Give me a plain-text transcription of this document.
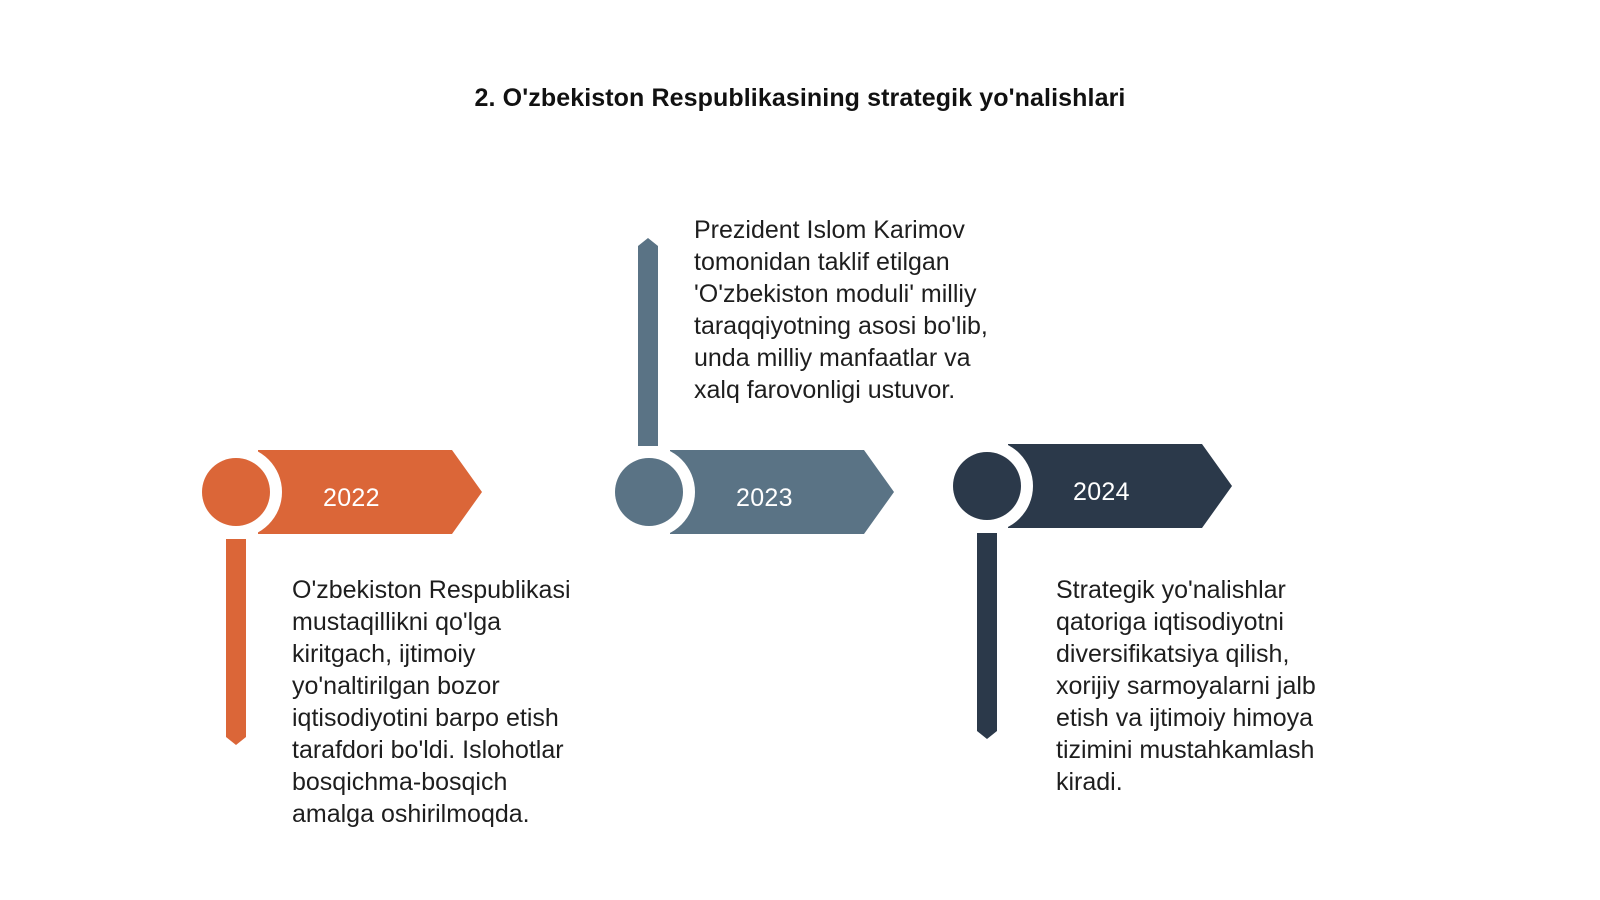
2. O'zbekiston Respublikasining strategik yo'nalishlari
2022	2023	2024
O'zbekiston Respublikasi
mustaqillikni qo'lga
kiritgach, ijtimoiy
yo'naltirilgan bozor
iqtisodiyotini barpo etish
tarafdori bo'ldi. Islohotlar
bosqichma-bosqich
amalga oshirilmoqda.
Prezident Islom Karimov
tomonidan taklif etilgan
'O'zbekiston moduli' milliy
taraqqiyotning asosi bo'lib,
unda milliy manfaatlar va
xalq farovonligi ustuvor.
Strategik yo'nalishlar
qatoriga iqtisodiyotni
diversifikatsiya qilish,
xorijiy sarmoyalarni jalb
etish va ijtimoiy himoya
tizimini mustahkamlash
kiradi.
